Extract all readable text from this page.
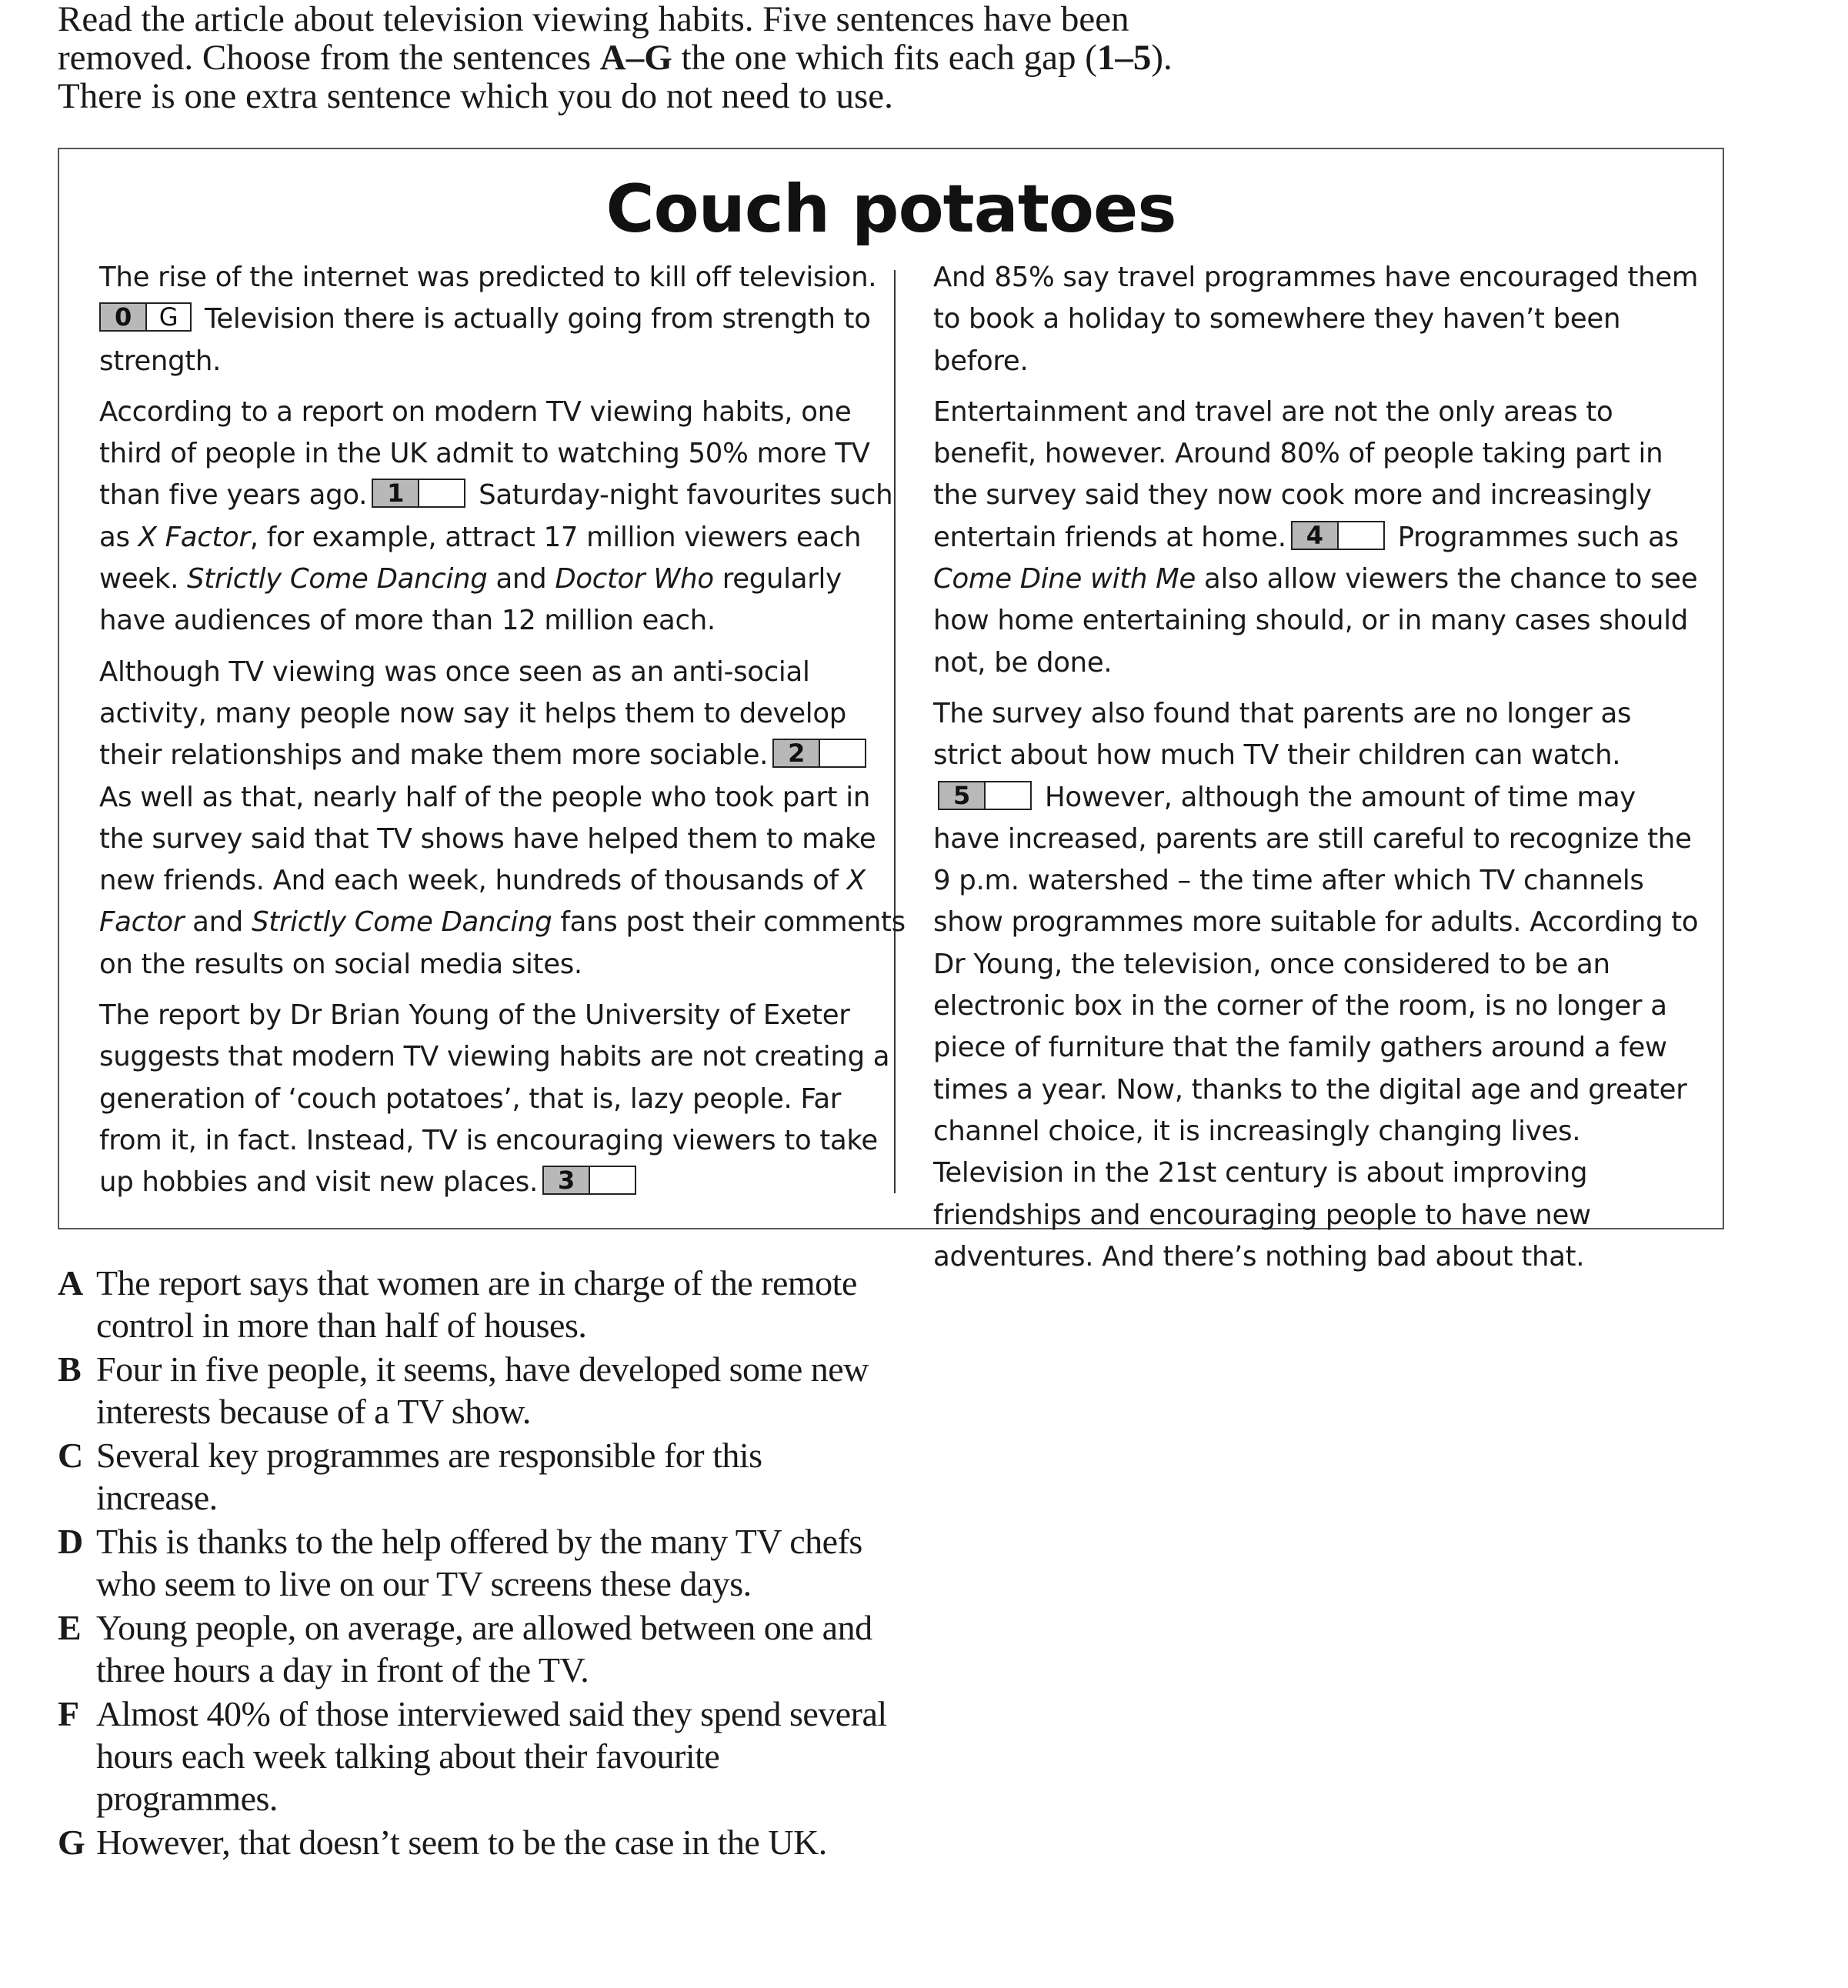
Read the article about television viewing habits. Five sentences have been

removed. Choose from the sentences A–G the one which fits each gap (1–5).

There is one extra sentence which you do not need to use.

Couch potatoes

The rise of the internet was predicted to kill off television.
0 G Television there is actually going from strength to strength.

According to a report on modern TV viewing habits, one third of people in the UK admit to watching 50% more TV than five years ago. 1 Saturday-night favourites such as X Factor, for example, attract 17 million viewers each week. Strictly Come Dancing and Doctor Who regularly have audiences of more than 12 million each.

Although TV viewing was once seen as an anti-social activity, many people now say it helps them to develop their relationships and make them more sociable. 2 As well as that, nearly half of the people who took part in the survey said that TV shows have helped them to make new friends. And each week, hundreds of thousands of X Factor and Strictly Come Dancing fans post their comments on the results on social media sites.

The report by Dr Brian Young of the University of Exeter suggests that modern TV viewing habits are not creating a generation of ‘couch potatoes’, that is, lazy people. Far from it, in fact. Instead, TV is encouraging viewers to take up hobbies and visit new places. 3

And 85% say travel programmes have encouraged them to book a holiday to somewhere they haven’t been before.

Entertainment and travel are not the only areas to benefit, however. Around 80% of people taking part in the survey said they now cook more and increasingly entertain friends at home. 4 Programmes such as Come Dine with Me also allow viewers the chance to see how home entertaining should, or in many cases should not, be done.

The survey also found that parents are no longer as strict about how much TV their children can watch.5 However, although the amount of time may have increased, parents are still careful to recognize the 9 p.m. watershed – the time after which TV channels show programmes more suitable for adults. According to Dr Young, the television, once considered to be an electronic box in the corner of the room, is no longer a piece of furniture that the family gathers around a few times a year. Now, thanks to the digital age and greater channel choice, it is increasingly changing lives. Television in the 21st century is about improving friendships and encouraging people to have new adventures. And there’s nothing bad about that.

A The report says that women are in charge of the remote control in more than half of houses.
B Four in five people, it seems, have developed some new interests because of a TV show.
C Several key programmes are responsible for this increase.
D This is thanks to the help offered by the many TV chefs who seem to live on our TV screens these days.
E Young people, on average, are allowed between one and three hours a day in front of the TV.
F Almost 40% of those interviewed said they spend several hours each week talking about their favourite programmes.
G However, that doesn’t seem to be the case in the UK.
